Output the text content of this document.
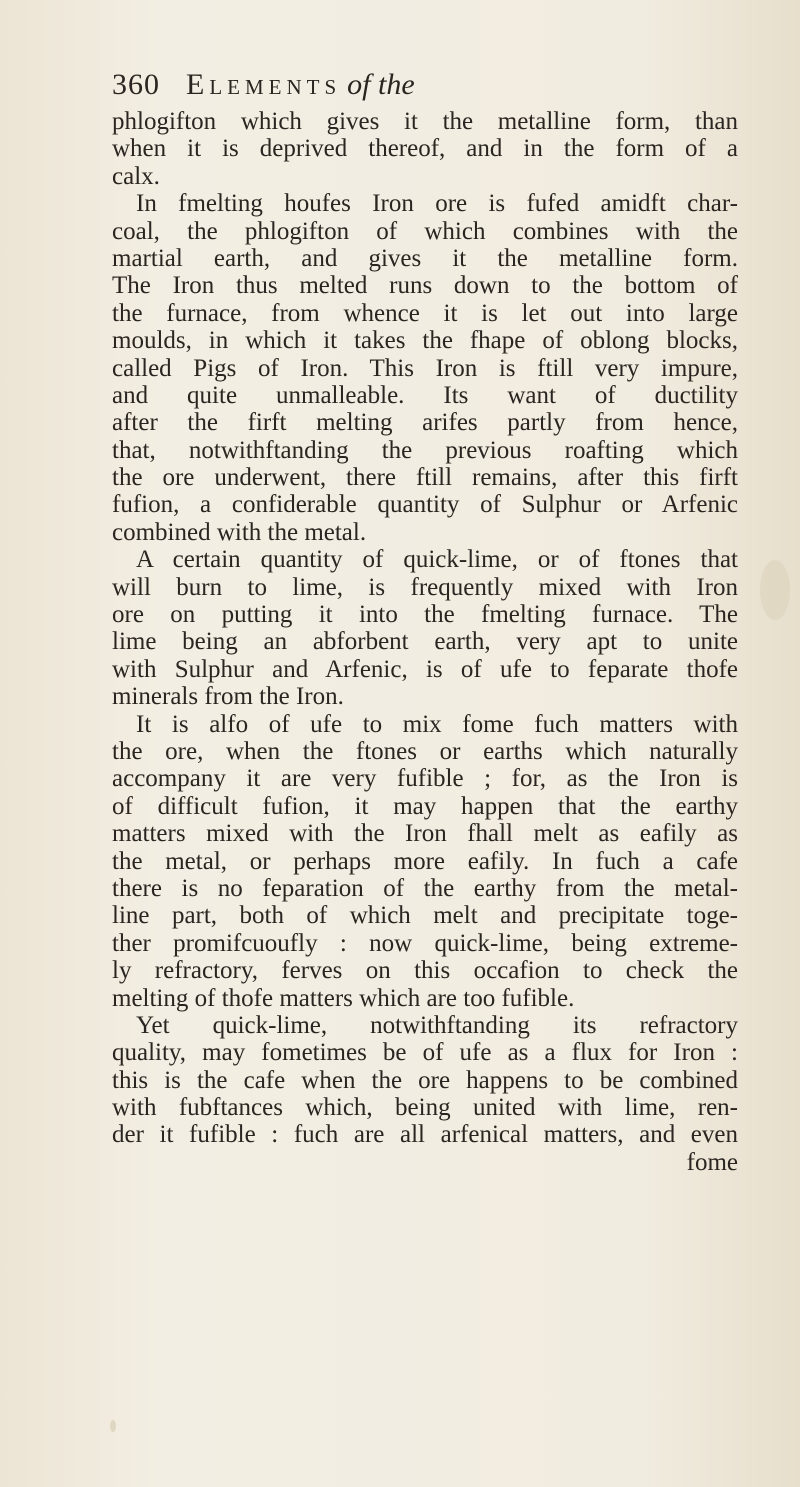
360 Elements of the
phlogifton which gives it the metalline form, than
when it is deprived thereof, and in the form of a
calx.
In fmelting houfes Iron ore is fufed amidft char-
coal, the phlogifton of which combines with the
martial earth, and gives it the metalline form.
The Iron thus melted runs down to the bottom of
the furnace, from whence it is let out into large
moulds, in which it takes the fhape of oblong blocks,
called Pigs of Iron. This Iron is ftill very impure,
and quite unmalleable. Its want of ductility
after the firft melting arifes partly from hence,
that, notwithftanding the previous roafting which
the ore underwent, there ftill remains, after this firft
fufion, a confiderable quantity of Sulphur or Arfenic
combined with the metal.
A certain quantity of quick-lime, or of ftones that
will burn to lime, is frequently mixed with Iron
ore on putting it into the fmelting furnace. The
lime being an abforbent earth, very apt to unite
with Sulphur and Arfenic, is of ufe to feparate thofe
minerals from the Iron.
It is alfo of ufe to mix fome fuch matters with
the ore, when the ftones or earths which naturally
accompany it are very fufible ; for, as the Iron is
of difficult fufion, it may happen that the earthy
matters mixed with the Iron fhall melt as eafily as
the metal, or perhaps more eafily. In fuch a cafe
there is no feparation of the earthy from the metal-
line part, both of which melt and precipitate toge-
ther promifcuoufly : now quick-lime, being extreme-
ly refractory, ferves on this occafion to check the
melting of thofe matters which are too fufible.
Yet quick-lime, notwithftanding its refractory
quality, may fometimes be of ufe as a flux for Iron :
this is the cafe when the ore happens to be combined
with fubftances which, being united with lime, ren-
der it fufible : fuch are all arfenical matters, and even
fome
